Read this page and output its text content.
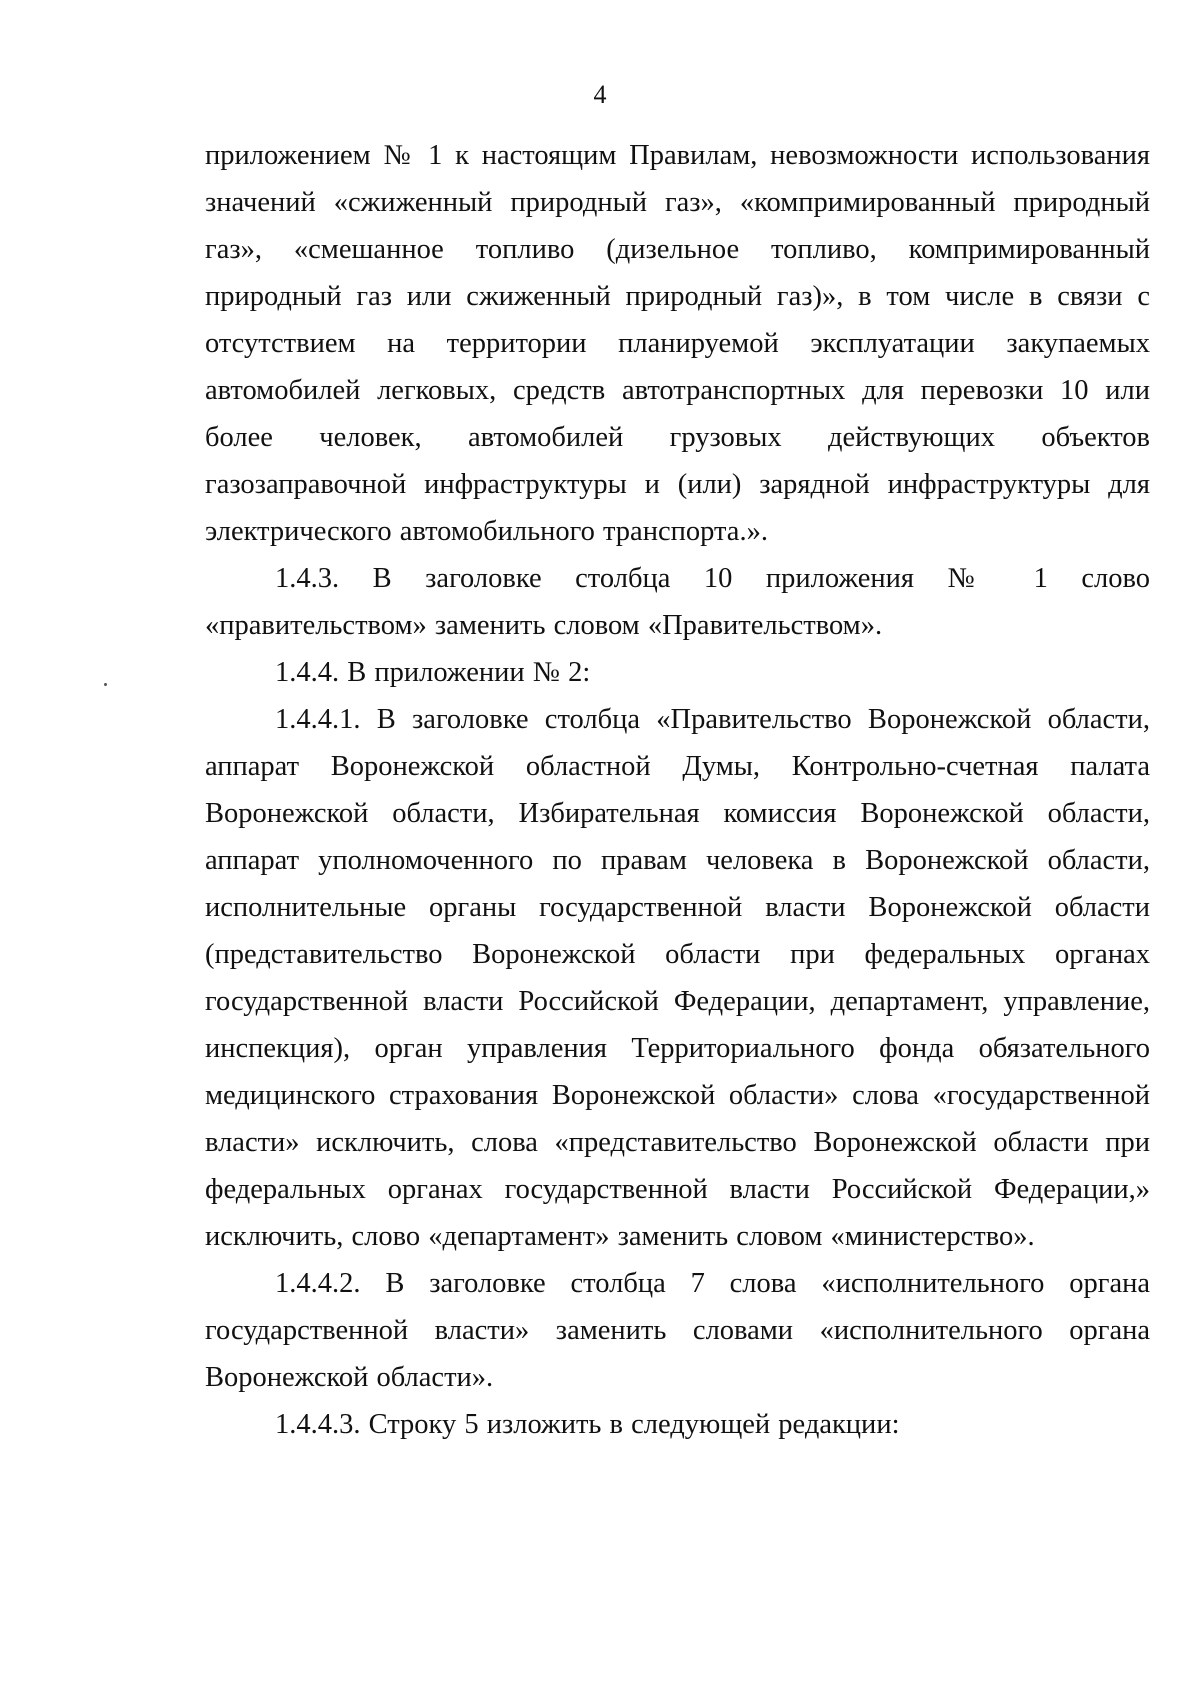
4

приложением № 1 к настоящим Правилам, невозможности использования значений «сжиженный природный газ», «компримированный природный газ», «смешанное топливо (дизельное топливо, компримированный природный газ или сжиженный природный газ)», в том числе в связи с отсутствием на территории планируемой эксплуатации закупаемых автомобилей легковых, средств автотранспортных для перевозки 10 или более человек, автомобилей грузовых действующих объектов газозаправочной инфраструктуры и (или) зарядной инфраструктуры для электрического автомобильного транспорта.».

1.4.3. В заголовке столбца 10 приложения № 1 слово «правительством» заменить словом «Правительством».

1.4.4. В приложении № 2:

1.4.4.1. В заголовке столбца «Правительство Воронежской области, аппарат Воронежской областной Думы, Контрольно-счетная палата Воронежской области, Избирательная комиссия Воронежской области, аппарат уполномоченного по правам человека в Воронежской области, исполнительные органы государственной власти Воронежской области (представительство Воронежской области при федеральных органах государственной власти Российской Федерации, департамент, управление, инспекция), орган управления Территориального фонда обязательного медицинского страхования Воронежской области» слова «государственной власти» исключить, слова «представительство Воронежской области при федеральных органах государственной власти Российской Федерации,» исключить, слово «департамент» заменить словом «министерство».

1.4.4.2. В заголовке столбца 7 слова «исполнительного органа государственной власти» заменить словами «исполнительного органа Воронежской области».

1.4.4.3. Строку 5 изложить в следующей редакции:
